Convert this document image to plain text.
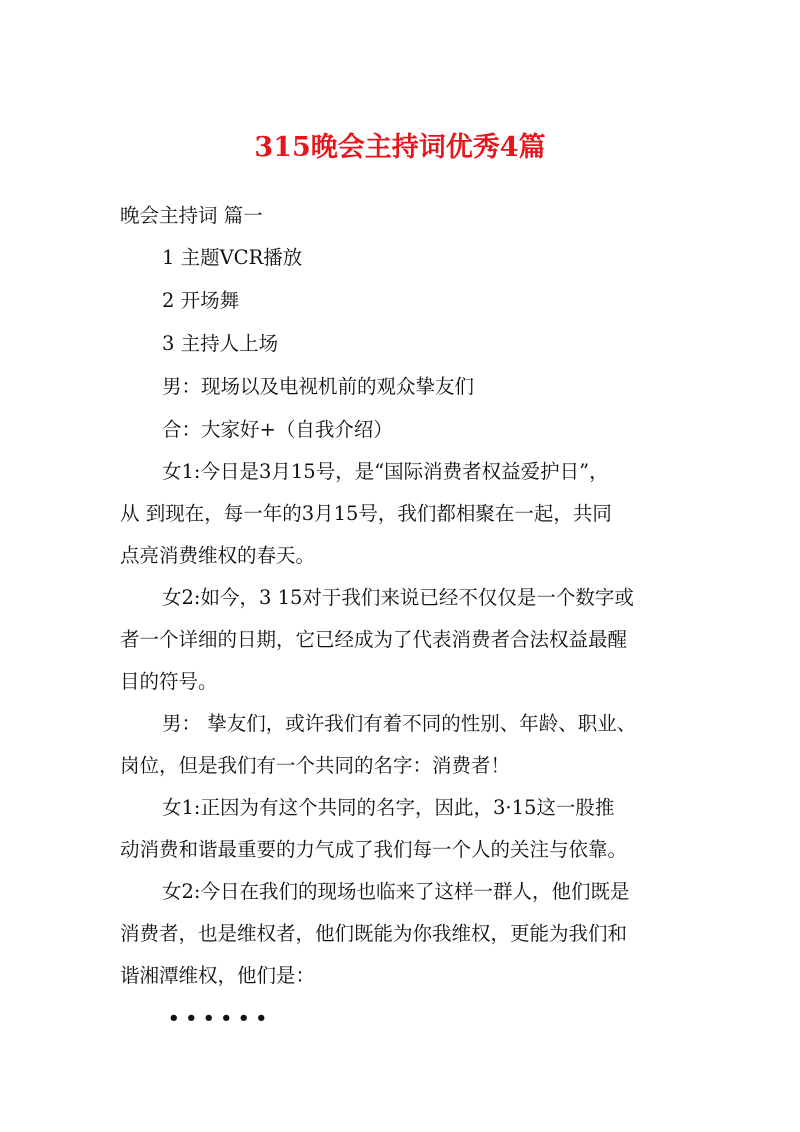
315晚会主持词优秀4篇
晚会主持词 篇一
1 主题VCR播放
2 开场舞
3 主持人上场
男：现场以及电视机前的观众挚友们
合：大家好+（自我介绍）
女1:今日是3月15号，是“国际消费者权益爱护日”，
从 到现在，每一年的3月15号，我们都相聚在一起，共同
点亮消费维权的春天。
女2:如今，3 15对于我们来说已经不仅仅是一个数字或
者一个详细的日期，它已经成为了代表消费者合法权益最醒
目的符号。
男： 挚友们，或许我们有着不同的性别、年龄、职业、
岗位，但是我们有一个共同的名字：消费者！
女1:正因为有这个共同的名字，因此，3·15这一股推
动消费和谐最重要的力气成了我们每一个人的关注与依靠。
女2:今日在我们的现场也临来了这样一群人，他们既是
消费者，也是维权者，他们既能为你我维权，更能为我们和
谐湘潭维权，他们是：
••••••
